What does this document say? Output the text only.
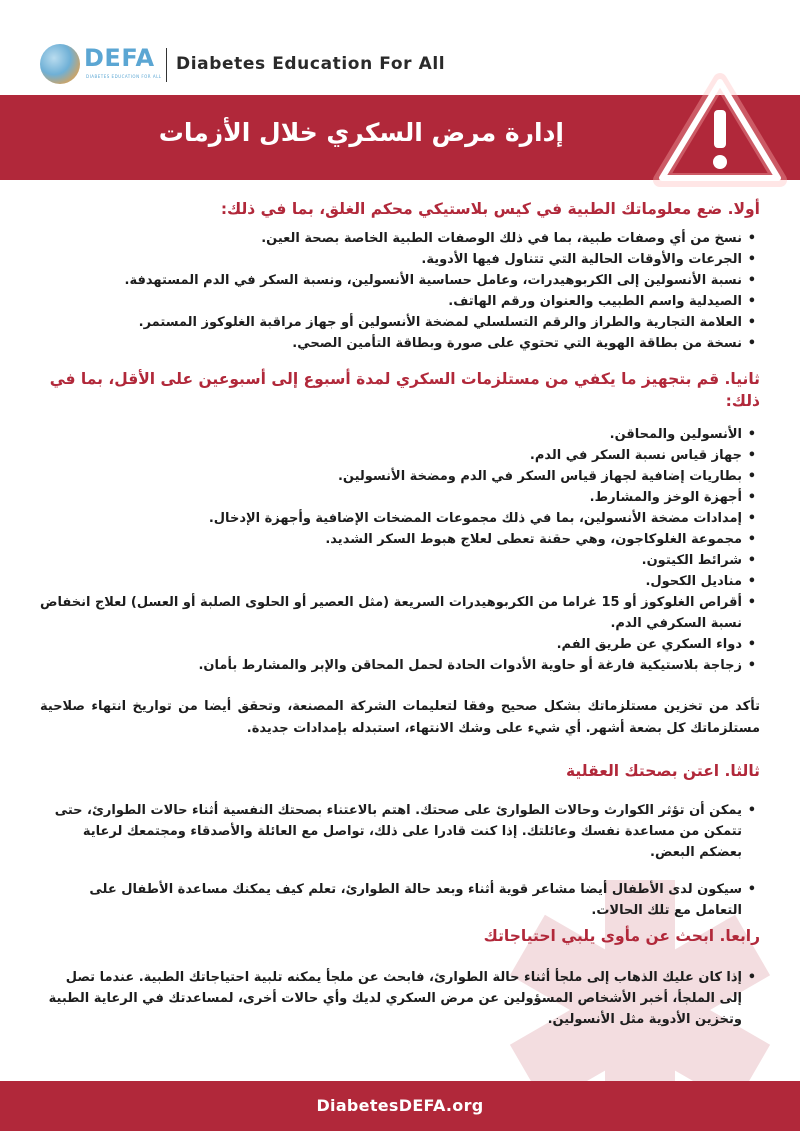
DEFA
DIABETES EDUCATION FOR ALL
Diabetes Education For All
إدارة مرض السكري خلال الأزمات
أولا. ضع معلوماتك الطبية في كيس بلاستيكي محكم الغلق، بما في ذلك:
• نسخ من أي وصفات طبية، بما في ذلك الوصفات الطبية الخاصة بصحة العين.
• الجرعات والأوقات الحالية التي تتناول فيها الأدوية.
• نسبة الأنسولين إلى الكربوهيدرات، وعامل حساسية الأنسولين، ونسبة السكر في الدم المستهدفة.
• الصيدلية واسم الطبيب والعنوان ورقم الهاتف.
• العلامة التجارية والطراز والرقم التسلسلي لمضخة الأنسولين أو جهاز مراقبة الغلوكوز المستمر.
• نسخة من بطاقة الهوية التي تحتوي على صورة وبطاقة التأمين الصحي.
ثانيا. قم بتجهيز ما يكفي من مستلزمات السكري لمدة أسبوع إلى أسبوعين على الأقل، بما في ذلك:
• الأنسولين والمحاقن.
• جهاز قياس نسبة السكر في الدم.
• بطاريات إضافية لجهاز قياس السكر في الدم ومضخة الأنسولين.
• أجهزة الوخز والمشارط.
• إمدادات مضخة الأنسولين، بما في ذلك مجموعات المضخات الإضافية وأجهزة الإدخال.
• مجموعة الغلوكاجون، وهي حقنة تعطى لعلاج هبوط السكر الشديد.
• شرائط الكيتون.
• مناديل الكحول.
• أقراص الغلوكوز أو 15 غراما من الكربوهيدرات السريعة (مثل العصير أو الحلوى الصلبة أو العسل) لعلاج انخفاض نسبة السكرفي الدم.
• دواء السكري عن طريق الفم.
• زجاجة بلاستيكية فارغة أو حاوية الأدوات الحادة لحمل المحاقن والإبر والمشارط بأمان.

تأكد من تخزين مستلزماتك بشكل صحيح وفقا لتعليمات الشركة المصنعة، وتحقق أيضا من تواريخ انتهاء صلاحية مستلزماتك كل بضعة أشهر. أي شيء على وشك الانتهاء، استبدله بإمدادات جديدة.

ثالثا. اعتن بصحتك العقلية
• يمكن أن تؤثر الكوارث وحالات الطوارئ على صحتك. اهتم بالاعتناء بصحتك النفسية أثناء حالات الطوارئ، حتى تتمكن من مساعدة نفسك وعائلتك. إذا كنت قادرا على ذلك، تواصل مع العائلة والأصدقاء ومجتمعك لرعاية بعضكم البعض.
• سيكون لدى الأطفال أيضا مشاعر قوية أثناء وبعد حالة الطوارئ، تعلم كيف يمكنك مساعدة الأطفال على التعامل مع تلك الحالات.
رابعا. ابحث عن مأوى يلبي احتياجاتك
• إذا كان عليك الذهاب إلى ملجأ أثناء حالة الطوارئ، فابحث عن ملجأ يمكنه تلبية احتياجاتك الطبية. عندما تصل إلى الملجأ، أخبر الأشخاص المسؤولين عن مرض السكري لديك وأي حالات أخرى، لمساعدتك في الرعاية الطبية وتخزين الأدوية مثل الأنسولين.
DiabetesDEFA.org
